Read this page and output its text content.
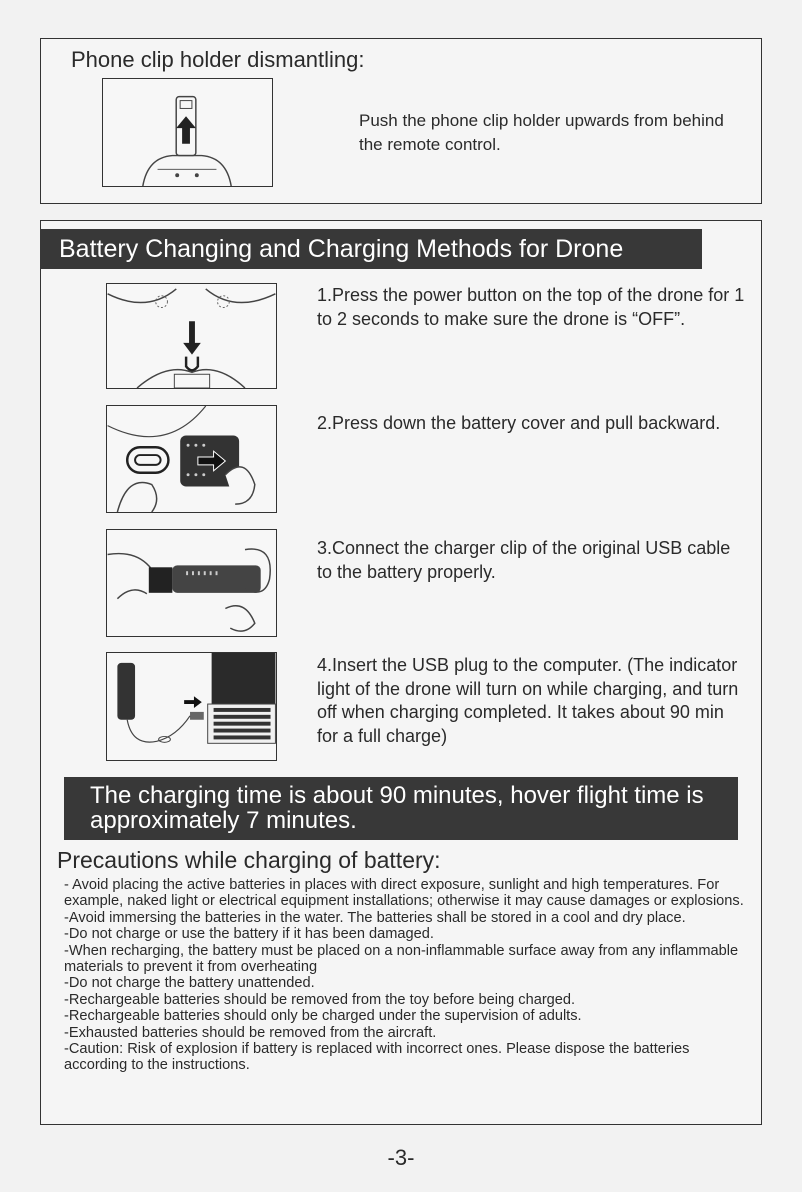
Phone clip holder dismantling:
Push the phone clip holder upwards from behind the remote control.
Battery Changing and Charging Methods for Drone
1.Press the power button on the top of the drone for 1 to 2 seconds to make sure the drone is “OFF”.
2.Press down the battery cover and pull backward.
3.Connect the charger clip of the original USB cable to the battery properly.
4.Insert the USB plug to the computer. (The indicator light of the drone will turn on while charging, and turn off when charging completed. It takes about 90 min for a full charge)
The charging time is about 90 minutes, hover flight time is approximately 7 minutes.
Precautions while charging of battery:
- Avoid placing the active batteries in places with direct exposure, sunlight and high temperatures. For example, naked light or electrical equipment installations; otherwise it may cause damages or explosions.
-Avoid immersing the batteries in the water. The batteries shall be stored in a cool and dry place.
-Do not charge or use the battery if it has been damaged.
-When recharging, the battery must be placed on a non-inflammable surface away from any inflammable materials to prevent it from overheating
-Do not charge the battery unattended.
-Rechargeable batteries should be removed from the toy before being charged.
-Rechargeable batteries should only be charged under the supervision of adults.
-Exhausted batteries should be removed from the aircraft.
-Caution: Risk of explosion if battery is replaced with incorrect ones. Please dispose the batteries according to the instructions.
-3-
